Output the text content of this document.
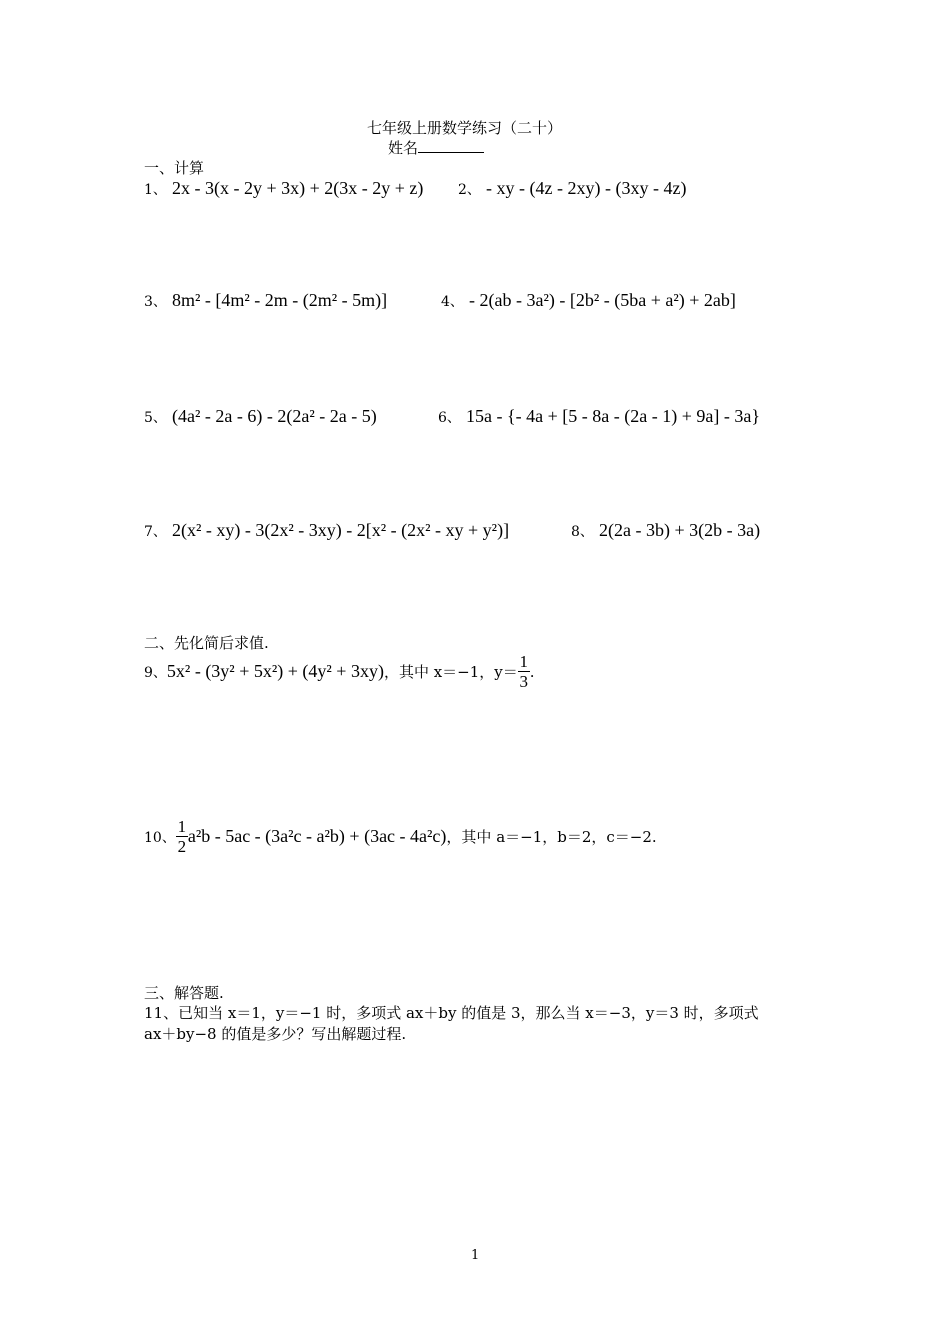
七年级上册数学练习（二十）
姓名
一、计算
1、 2x - 3(x - 2y + 3x) + 2(3x - 2y + z) 2、 - xy - (4z - 2xy) - (3xy - 4z)
3、 8m² - [4m² - 2m - (2m² - 5m)]	4、 - 2(ab - 3a²) - [2b² - (5ba + a²) + 2ab]
5、 (4a² - 2a - 6) - 2(2a² - 2a - 5)	6、 15a - {- 4a + [5 - 8a - (2a - 1) + 9a] - 3a}
7、 2(x² - xy) - 3(2x² - 3xy) - 2[x² - (2x² - xy + y²)]	8、 2(2a - 3b) + 3(2b - 3a)
二、先化简后求值.
9、 5x² - (3y² + 5x²) + (4y² + 3xy) ，其中 x＝−1，$y= \frac{1}{3}$ .
10、 $\frac{1}{2} a^2b - 5ac - (3a^2c - a^2b) + (3ac - 4a^2c)$ ，其中 a＝−1，b＝2，c＝−2.
三、解答题.
11、已知当 x＝1，y＝−1 时，多项式 ax＋by 的值是 3，那么当 x＝−3，y＝3 时，多项式
ax＋by−8 的值是多少？写出解题过程.
1
